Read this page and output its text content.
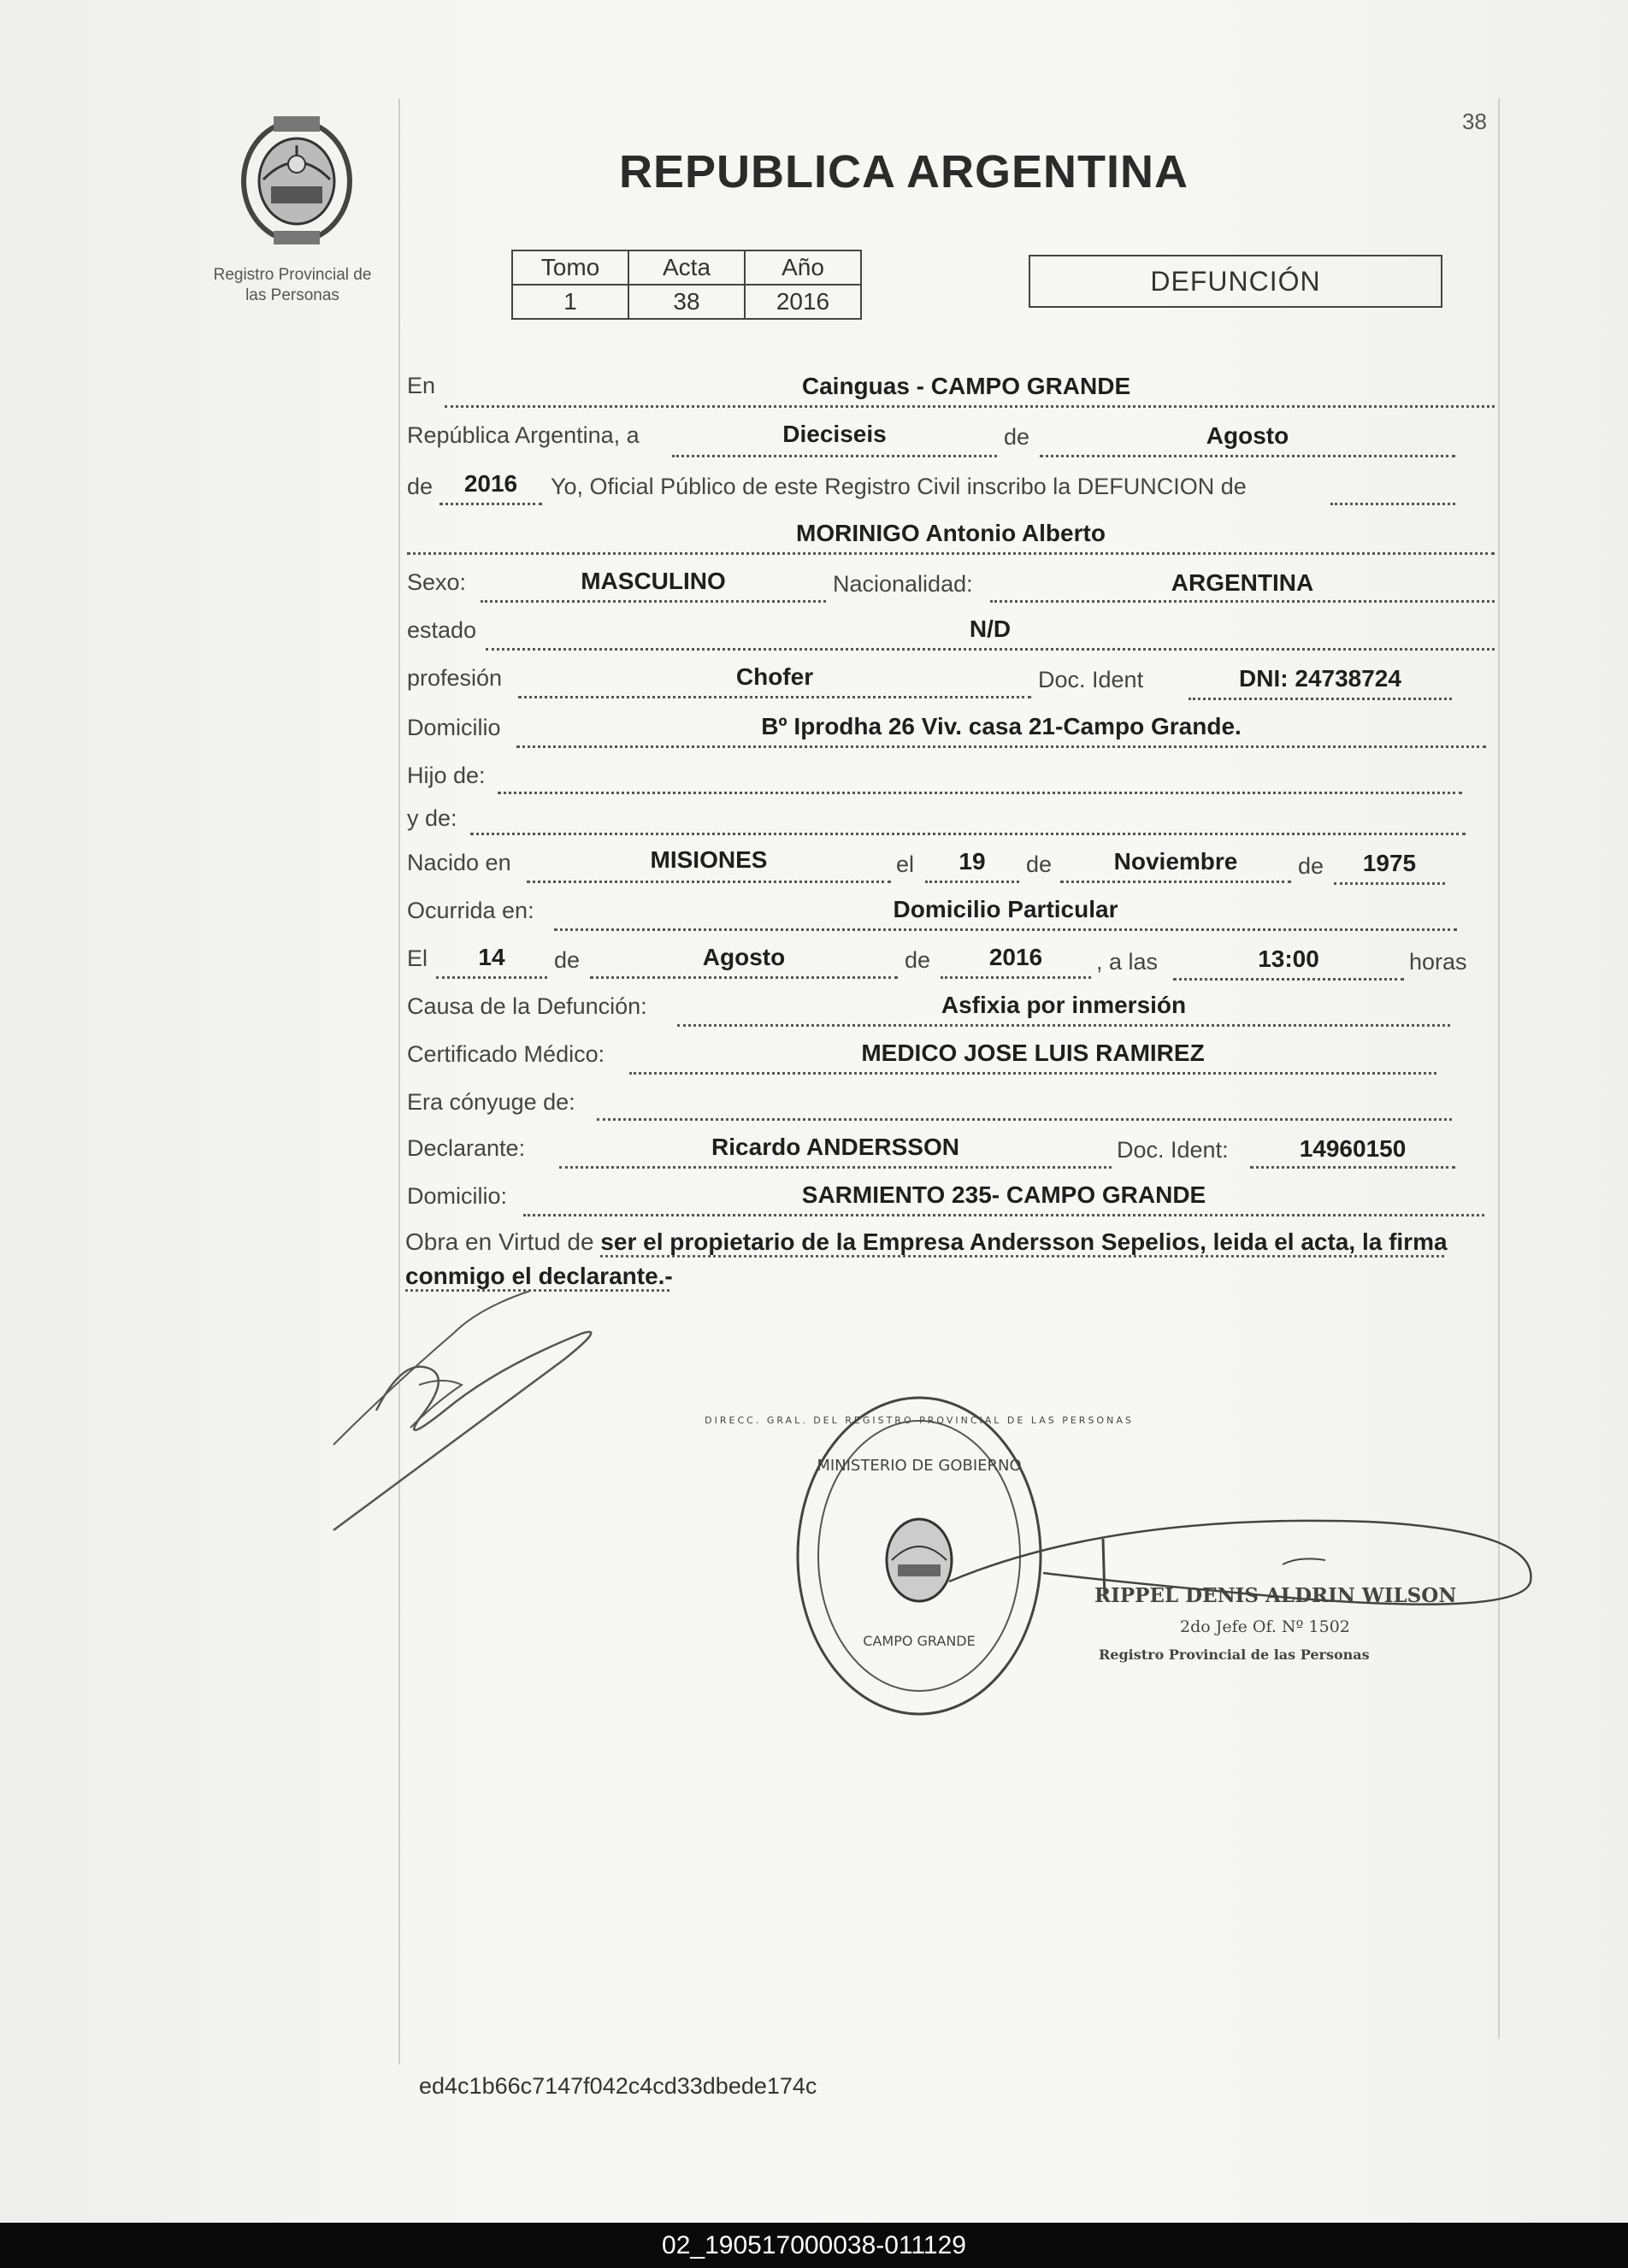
Registro Provincial de
las Personas
38
REPUBLICA ARGENTINA
Tomo	Acta	Año
1	38	2016
DEFUNCIÓN
En	Cainguas - CAMPO GRANDE
República Argentina, a	Dieciseis	de	Agosto
de	2016	Yo, Oficial Público de este Registro Civil inscribo la DEFUNCION de
MORINIGO Antonio Alberto
Sexo:	MASCULINO	Nacionalidad:	ARGENTINA
estado	N/D
profesión	Chofer	Doc. Ident	DNI: 24738724
Domicilio	Bº Iprodha 26 Viv. casa 21-Campo Grande.
Hijo de:
y de:
Nacido en	MISIONES	el	19	de	Noviembre	de	1975
Ocurrida en:	Domicilio Particular
El	14	de	Agosto	de	2016	, a las	13:00	horas
Causa de la Defunción:	Asfixia por inmersión
Certificado Médico:	MEDICO JOSE LUIS RAMIREZ
Era cónyuge de:
Declarante:	Ricardo ANDERSSON	Doc. Ident:	14960150
Domicilio:	SARMIENTO 235- CAMPO GRANDE
Obra en Virtud de ser el propietario de la Empresa Andersson Sepelios, leida el acta, la firma conmigo el declarante.-
DIRECC. GRAL. DEL REGISTRO PROVINCIAL DE LAS PERSONAS
MINISTERIO DE GOBIERNO
CAMPO GRANDE
RIPPEL DENIS ALDRIN WILSON
2do Jefe Of. Nº 1502
Registro Provincial de las Personas
ed4c1b66c7147f042c4cd33dbede174c
02_190517000038-011129
